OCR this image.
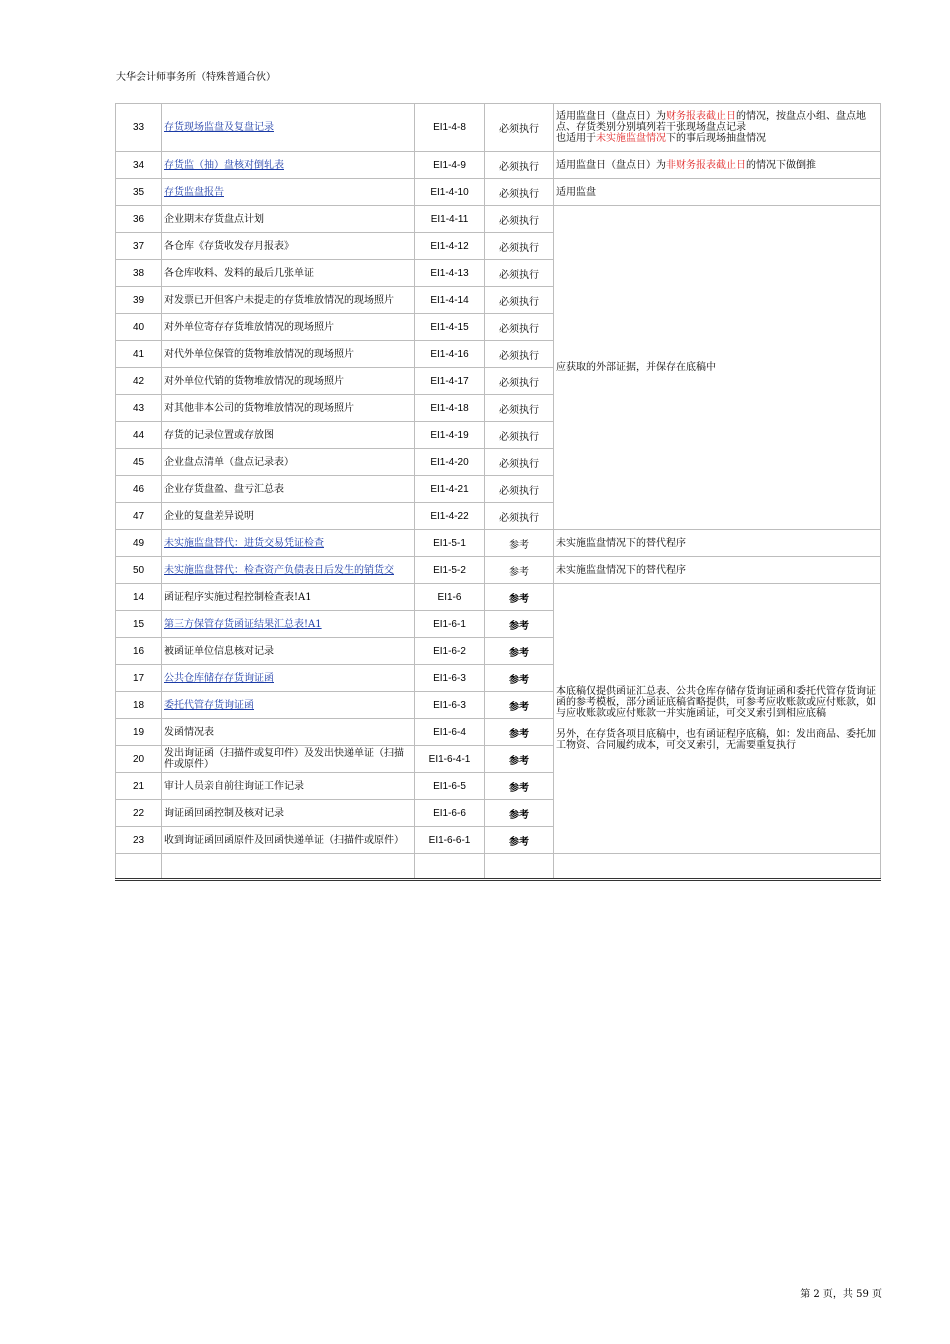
大华会计师事务所（特殊普通合伙）
33	存货现场监盘及复盘记录	EI1-4-8	必须执行	适用监盘日（盘点日）为财务报表截止日的情况，按盘点小组、盘点地点、存货类别分别填列若干张现场盘点记录
也适用于未实施监盘情况下的事后现场抽盘情况
34	存货监（抽）盘核对倒轧表	EI1-4-9	必须执行	适用监盘日（盘点日）为非财务报表截止日的情况下做倒推
35	存货监盘报告	EI1-4-10	必须执行	适用监盘
36	企业期末存货盘点计划	EI1-4-11	必须执行	应获取的外部证据，并保存在底稿中
37	各仓库《存货收发存月报表》	EI1-4-12	必须执行	
38	各仓库收料、发料的最后几张单证	EI1-4-13	必须执行	
39	对发票已开但客户未提走的存货堆放情况的现场照片	EI1-4-14	必须执行	
40	对外单位寄存存货堆放情况的现场照片	EI1-4-15	必须执行	
41	对代外单位保管的货物堆放情况的现场照片	EI1-4-16	必须执行	
42	对外单位代销的货物堆放情况的现场照片	EI1-4-17	必须执行	
43	对其他非本公司的货物堆放情况的现场照片	EI1-4-18	必须执行	
44	存货的记录位置或存放图	EI1-4-19	必须执行	
45	企业盘点清单（盘点记录表）	EI1-4-20	必须执行	
46	企业存货盘盈、盘亏汇总表	EI1-4-21	必须执行	
47	企业的复盘差异说明	EI1-4-22	必须执行	
49	未实施监盘替代：进货交易凭证检查	EI1-5-1	参考	未实施监盘情况下的替代程序
50	未实施监盘替代：检查资产负债表日后发生的销货交	EI1-5-2	参考	未实施监盘情况下的替代程序
14	函证程序实施过程控制检查表!A1	EI1-6	参考	本底稿仅提供函证汇总表、公共仓库存储存货询证函和委托代管存货询证函的参考模板，部分函证底稿省略提供，可参考应收账款或应付账款，如与应收账款或应付账款一并实施函证，可交叉索引到相应底稿

另外，在存货各项目底稿中，也有函证程序底稿，如：发出商品、委托加工物资、合同履约成本，可交叉索引，无需要重复执行

15	第三方保管存货函证结果汇总表!A1	EI1-6-1	参考	
16	被函证单位信息核对记录	EI1-6-2	参考	
17	公共仓库储存存货询证函	EI1-6-3	参考	
18	委托代管存货询证函	EI1-6-3	参考	
19	发函情况表	EI1-6-4	参考	
20	发出询证函（扫描件或复印件）及发出快递单证（扫描件或原件）	EI1-6-4-1	参考	
21	审计人员亲自前往询证工作记录	EI1-6-5	参考	
22	询证函回函控制及核对记录	EI1-6-6	参考	
23	收到询证函回函原件及回函快递单证（扫描件或原件）	EI1-6-6-1	参考	

第 2 页，共 59 页
